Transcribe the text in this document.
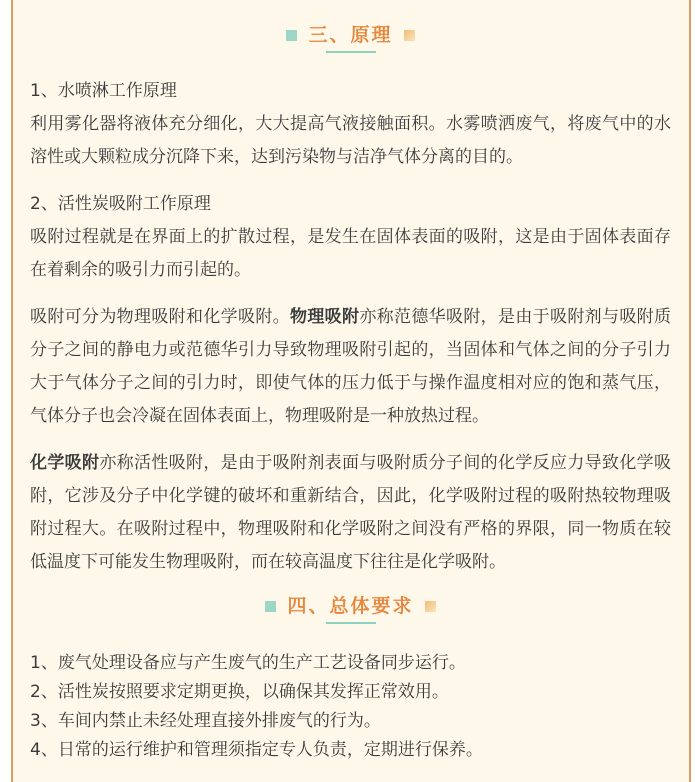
三、原理

1、水喷淋工作原理

利用雾化器将液体充分细化，大大提高气液接触面积。水雾喷洒废气，将废气中的水溶性或大颗粒成分沉降下来，达到污染物与洁净气体分离的目的。

2、活性炭吸附工作原理

吸附过程就是在界面上的扩散过程，是发生在固体表面的吸附，这是由于固体表面存在着剩余的吸引力而引起的。

吸附可分为物理吸附和化学吸附。物理吸附亦称范德华吸附，是由于吸附剂与吸附质分子之间的静电力或范德华引力导致物理吸附引起的，当固体和气体之间的分子引力大于气体分子之间的引力时，即使气体的压力低于与操作温度相对应的饱和蒸气压，气体分子也会冷凝在固体表面上，物理吸附是一种放热过程。

化学吸附亦称活性吸附，是由于吸附剂表面与吸附质分子间的化学反应力导致化学吸附，它涉及分子中化学键的破坏和重新结合，因此，化学吸附过程的吸附热较物理吸附过程大。在吸附过程中，物理吸附和化学吸附之间没有严格的界限，同一物质在较低温度下可能发生物理吸附，而在较高温度下往往是化学吸附。

四、总体要求
1、废气处理设备应与产生废气的生产工艺设备同步运行。
2、活性炭按照要求定期更换，以确保其发挥正常效用。
3、车间内禁止未经处理直接外排废气的行为。
4、日常的运行维护和管理须指定专人负责，定期进行保养。
